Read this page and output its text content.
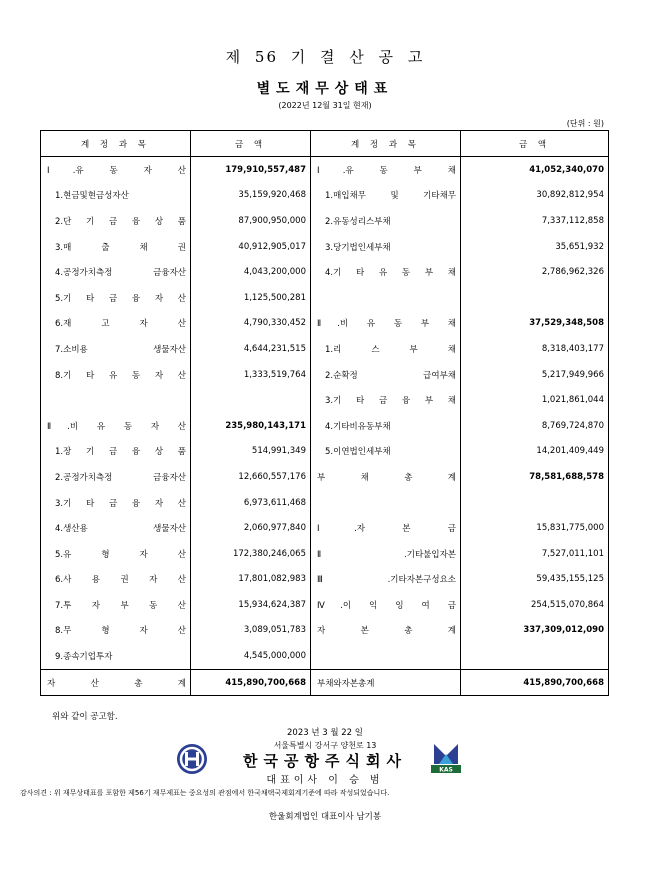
제 56 기 결 산 공 고
별도재무상태표
(2022년 12월 31일 현재)
(단위 : 원)
계 정 과 목	금 액	계 정 과 목	금 액
Ⅰ.유 동 자 산	179,910,557,487	Ⅰ.유 동 부 채	41,052,340,070
1.현금및현금성자산	35,159,920,468	1.매입채무 및 기타채무	30,892,812,954
2.단 기 금 융 상 품	87,900,950,000	2.유동성리스부채	7,337,112,858
3.매 출 채 권	40,912,905,017	3.당기법인세부채	35,651,932
4.공정가치측정 금융자산	4,043,200,000	4.기 타 유 동 부 채	2,786,962,326
5.기 타 금 융 자 산	1,125,500,281		
6.재 고 자 산	4,790,330,452	Ⅱ.비 유 동 부 채	37,529,348,508
7.소비용 생물자산	4,644,231,515	1.리 스 부 채	8,318,403,177
8.기 타 유 동 자 산	1,333,519,764	2.순확정 급여부채	5,217,949,966
		3.기 타 금 융 부 채	1,021,861,044
Ⅱ.비 유 동 자 산	235,980,143,171	4.기타비유동부채	8,769,724,870
1.장 기 금 융 상 품	514,991,349	5.이연법인세부채	14,201,409,449
2.공정가치측정 금융자산	12,660,557,176	부 채 총 계	78,581,688,578
3.기 타 금 융 자 산	6,973,611,468		
4.생산용 생물자산	2,060,977,840	Ⅰ.자 본 금	15,831,775,000
5.유 형 자 산	172,380,246,065	Ⅱ.기타불입자본	7,527,011,101
6.사 용 권 자 산	17,801,082,983	Ⅲ.기타자본구성요소	59,435,155,125
7.투 자 부 동 산	15,934,624,387	Ⅳ.이 익 잉 여 금	254,515,070,864
8.무 형 자 산	3,089,051,783	자 본 총 계	337,309,012,090
9.종속기업투자	4,545,000,000		
자 산 총 계	415,890,700,668	부채와자본총계	415,890,700,668
위와 같이 공고함.
2023 년 3 월 22 일
서울특별시 강서구 양천로 13
한국공항주식회사
대표이사 이 승 범
KAS
감사의견 : 위 재무상태표를 포함한 제56기 재무제표는 중요성의 관점에서 한국채택국제회계기준에 따라 작성되었습니다.
한울회계법인 대표이사 남기봉
